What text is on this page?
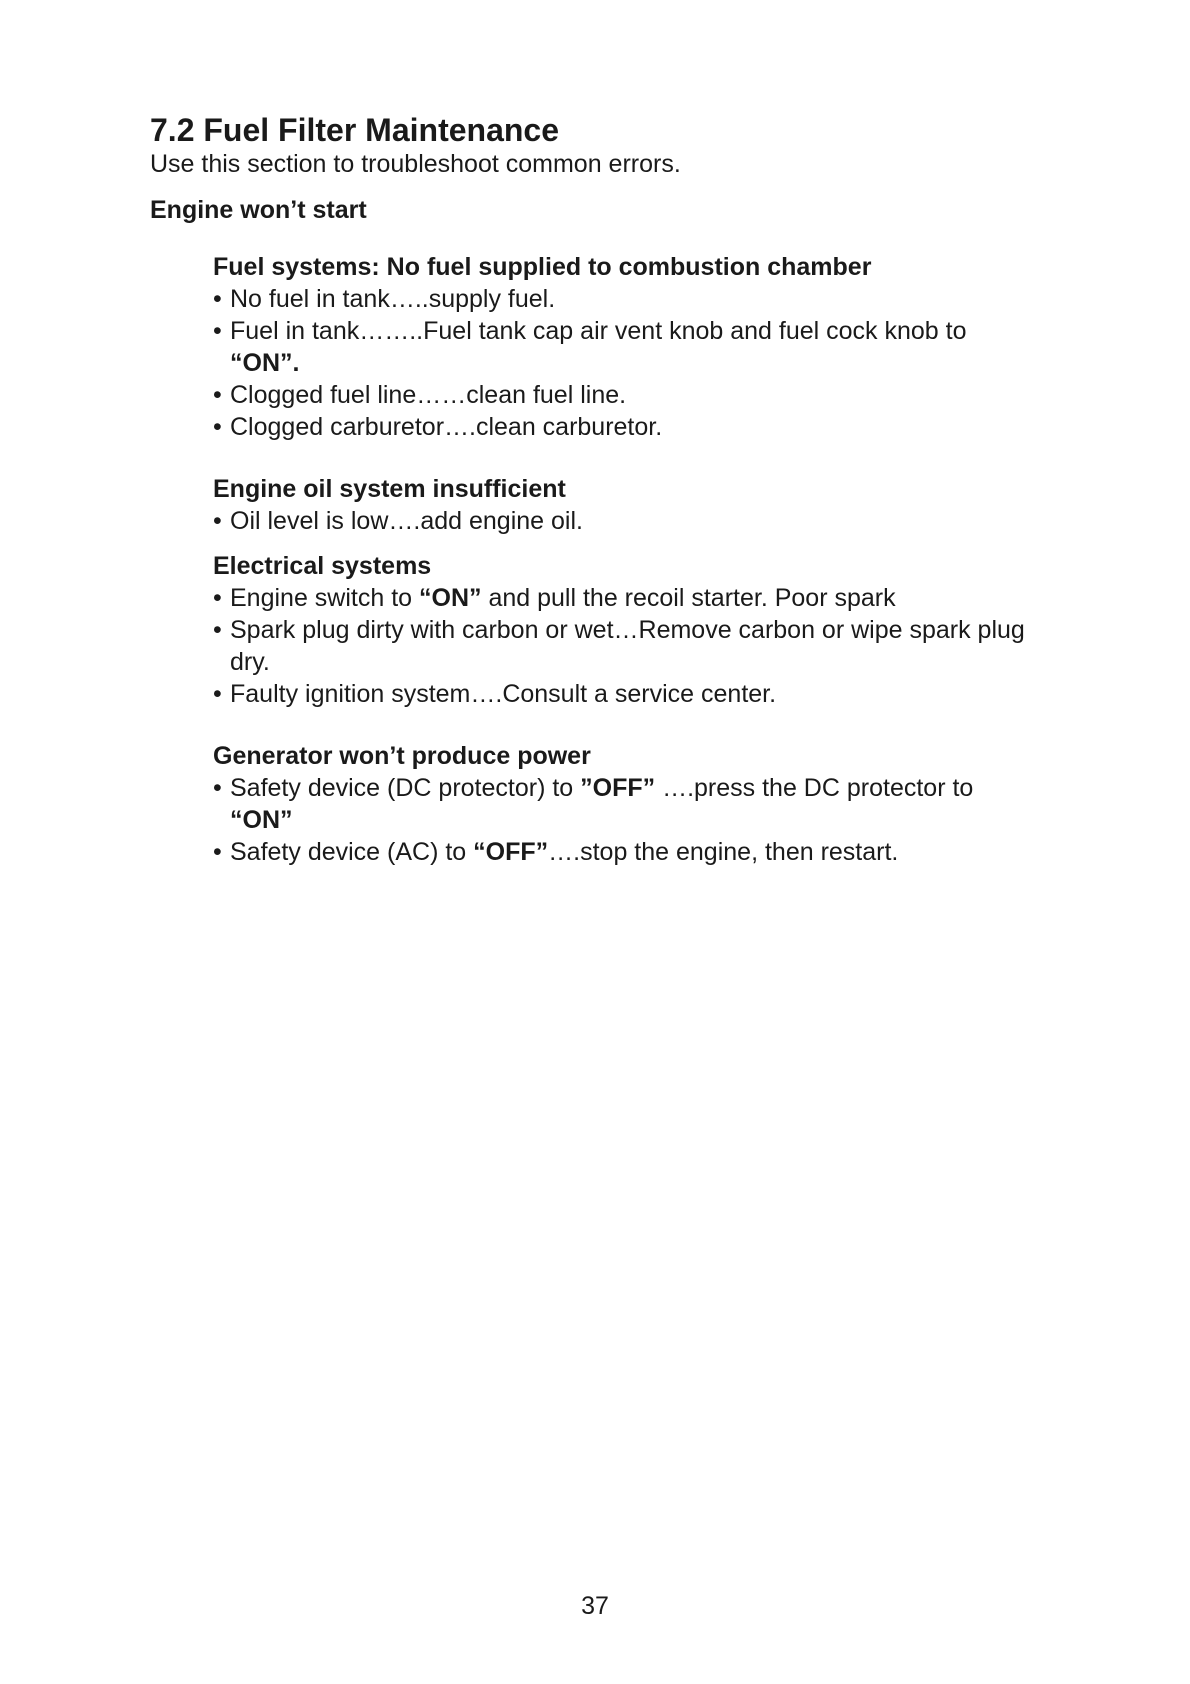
7.2 Fuel Filter Maintenance

Use this section to troubleshoot common errors.

Engine won’t start

Fuel systems: No fuel supplied to combustion chamber

• No fuel in tank…..supply fuel.
• Fuel in tank……..Fuel tank cap air vent knob and fuel cock knob to “ON”.
• Clogged fuel line……clean fuel line.
• Clogged carburetor….clean carburetor.

Engine oil system insufficient

• Oil level is low….add engine oil.

Electrical systems

• Engine switch to “ON” and pull the recoil starter. Poor spark
• Spark plug dirty with carbon or wet…Remove carbon or wipe spark plug dry.
• Faulty ignition system….Consult a service center.

Generator won’t produce power

• Safety device (DC protector) to ”OFF” ….press the DC protector to “ON”
• Safety device (AC) to “OFF”….stop the engine, then restart.
37
